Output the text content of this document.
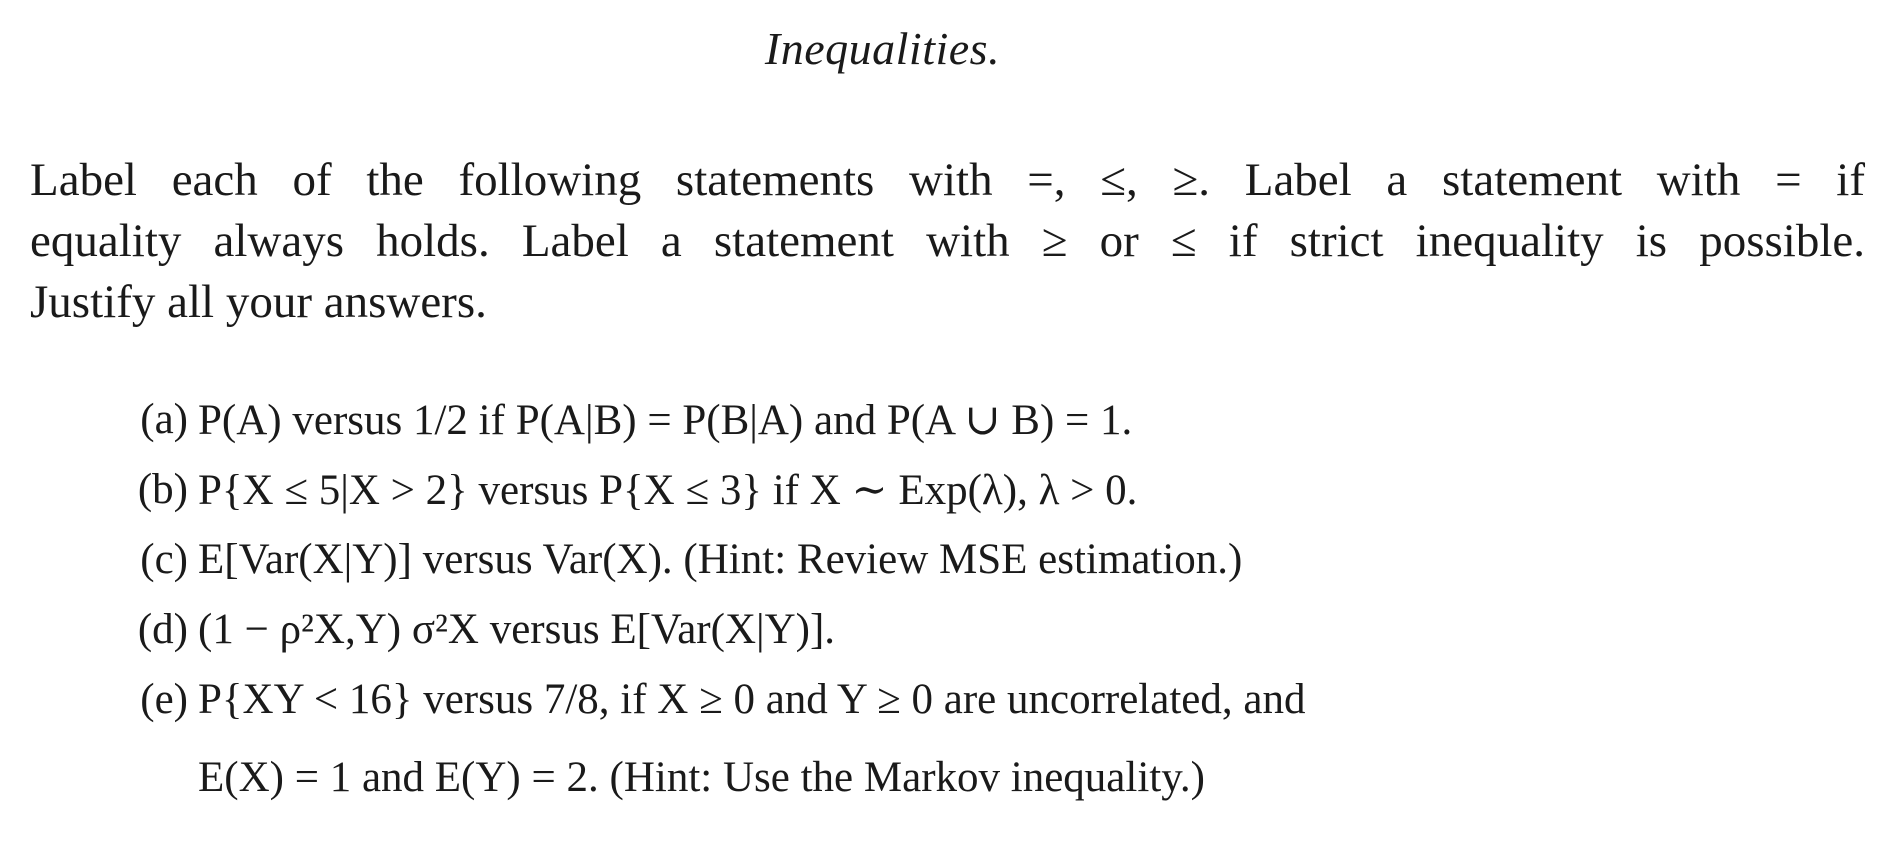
Inequalities.
Label each of the following statements with =, ≤, ≥. Label a statement with = if
equality always holds. Label a statement with ≥ or ≤ if strict inequality is possible.
Justify all your answers.
(a) P(A) versus 1/2 if P(A|B) = P(B|A) and P(A ∪ B) = 1.
(b) P{X ≤ 5|X > 2} versus P{X ≤ 3} if X ∼ Exp(λ), λ > 0.
(c) E[Var(X|Y)] versus Var(X). (Hint: Review MSE estimation.)
(d) (1 − ρ²X,Y) σ²X versus E[Var(X|Y)].
(e) P{XY < 16} versus 7/8, if X ≥ 0 and Y ≥ 0 are uncorrelated, and
E(X) = 1 and E(Y) = 2. (Hint: Use the Markov inequality.)
